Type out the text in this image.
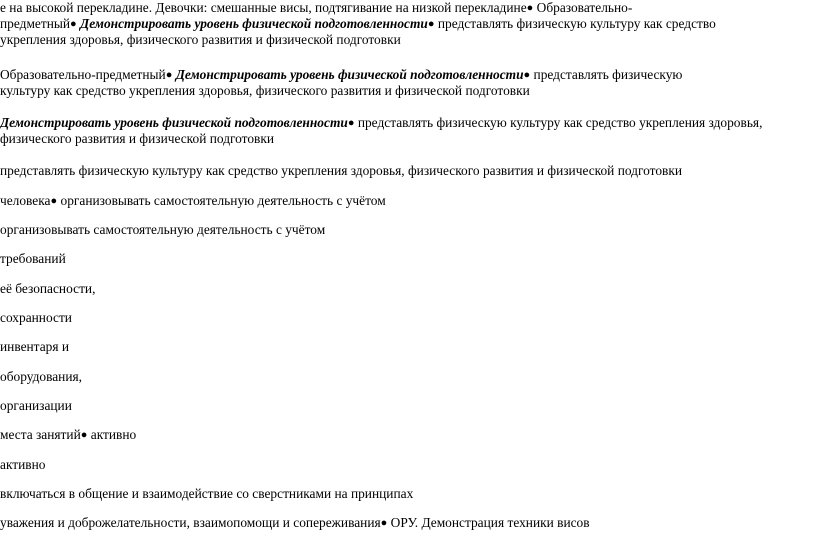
е на высокой перекладине. Девочки: смешанные висы, подтягивание на низкой перекладине● Образовательно-
предметный● Демонстрировать уровень физической подготовленности● представлять физическую культуру как средство
укрепления здоровья, физического развития и физической подготовки
Образовательно-предметный● Демонстрировать уровень физической подготовленности● представлять физическую
культуру как средство укрепления здоровья, физического развития и физической подготовки
Демонстрировать уровень физической подготовленности● представлять физическую культуру как средство укрепления здоровья,
физического развития и физической подготовки
представлять физическую культуру как средство укрепления здоровья, физического развития и физической подготовки
человека● организовывать самостоятельную деятельность с учётом
организовывать самостоятельную деятельность с учётом
требований
её безопасности,
сохранности
инвентаря и
оборудования,
организации
места занятий● активно
активно
включаться в общение и взаимодействие со сверстниками на принципах
уважения и доброжелательности, взаимопомощи и сопереживания● ОРУ. Демонстрация техники висов
